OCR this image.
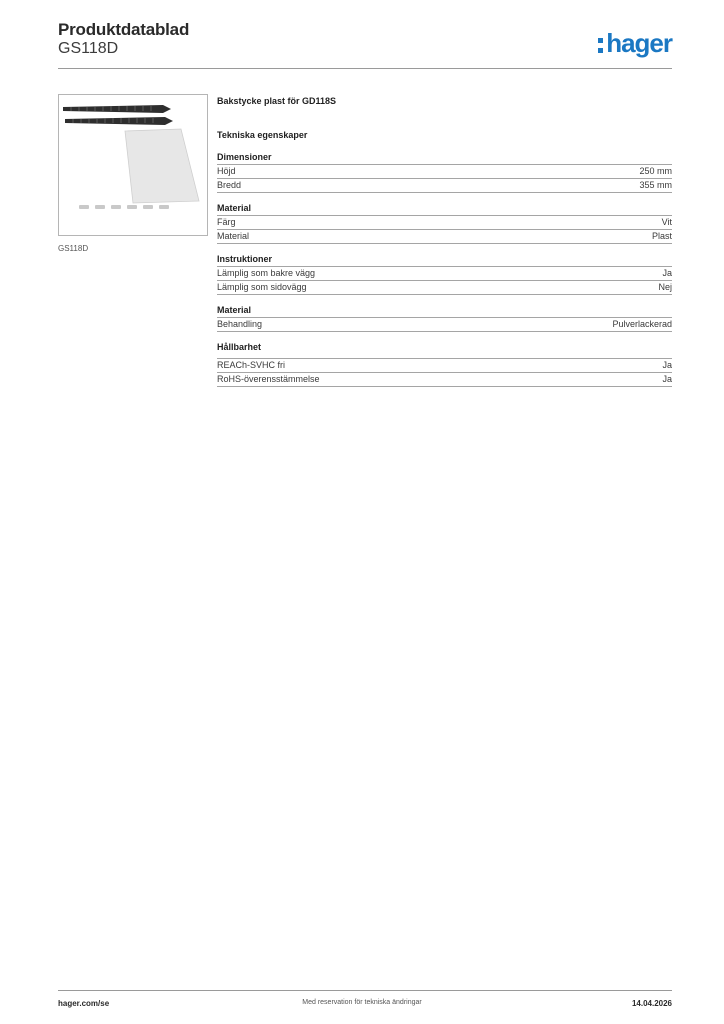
Produktdatablad
GS118D	hager
GS118D
Bakstycke plast för GD118S
Tekniska egenskaper
Dimensioner
Höjd	250 mm
Bredd	355 mm
Material
Färg	Vit
Material	Plast
Instruktioner
Lämplig som bakre vägg	Ja
Lämplig som sidovägg	Nej
Material
Behandling	Pulverlackerad
Hållbarhet
REACh-SVHC fri	Ja
RoHS-överensstämmelse	Ja
hager.com/se	Med reservation för tekniska ändringar	14.04.2026
